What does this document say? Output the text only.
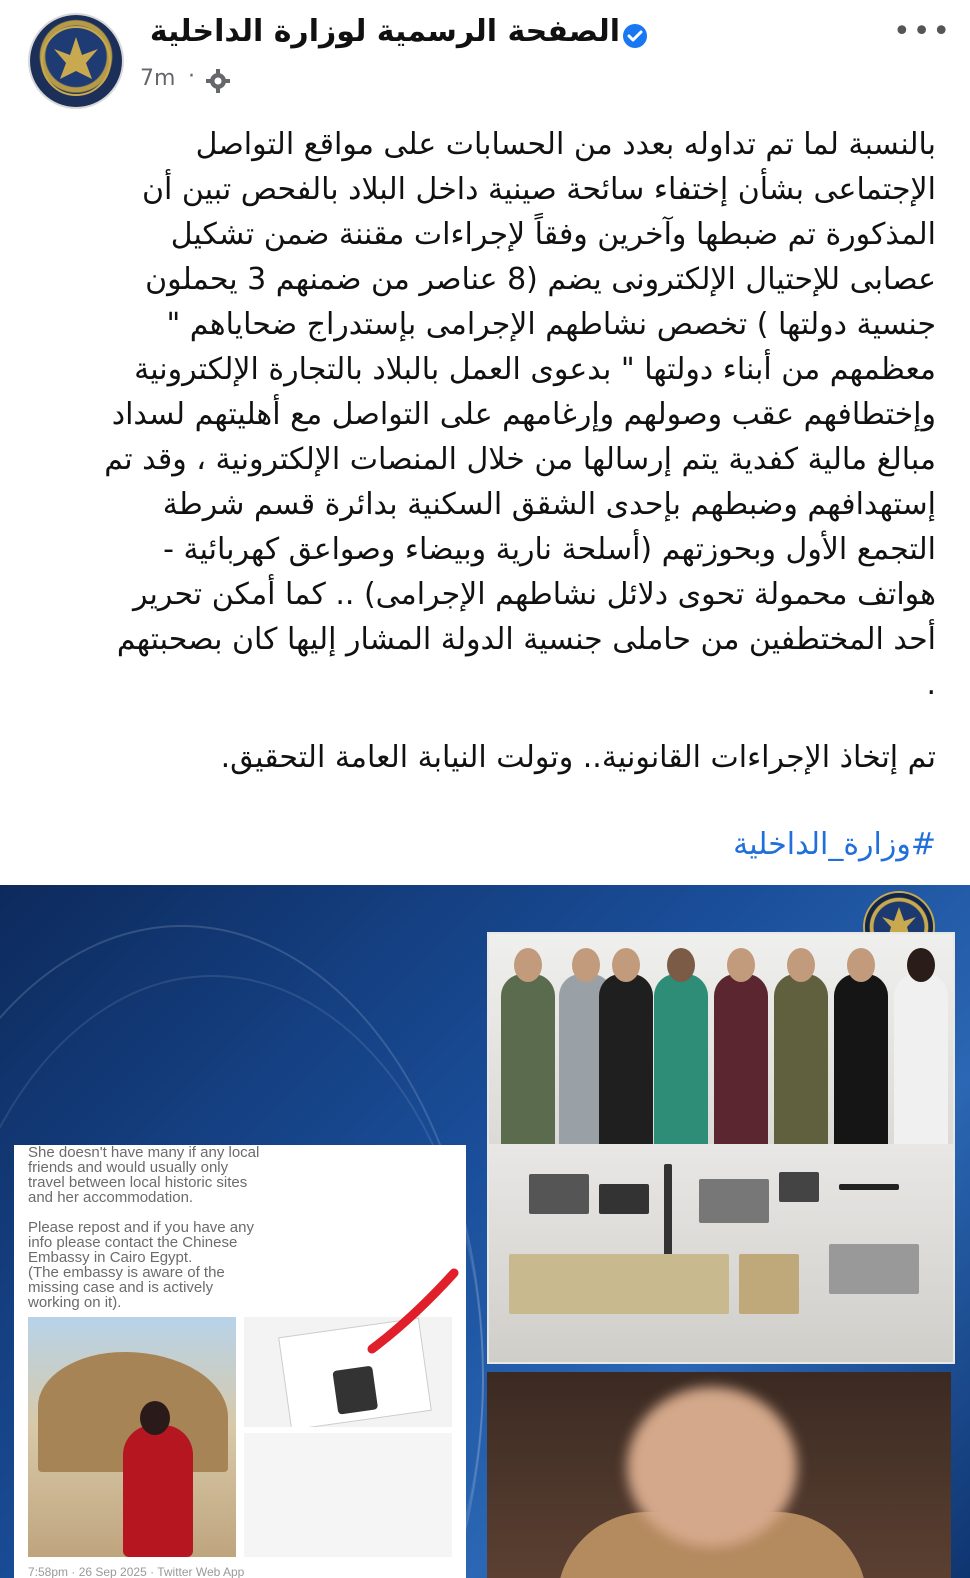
•••
الصفحة الرسمية لوزارة الداخلية
7m ·
بالنسبة لما تم تداوله بعدد من الحسابات على مواقع التواصل
الإجتماعى بشأن إختفاء سائحة صينية داخل البلاد بالفحص تبين أن
المذكورة تم ضبطها وآخرين وفقاً لإجراءات مقننة ضمن تشكيل
عصابى للإحتيال الإلكترونى يضم (8 عناصر من ضمنهم 3 يحملون
جنسية دولتها ) تخصص نشاطهم الإجرامى بإستدراج ضحاياهم "
معظمهم من أبناء دولتها " بدعوى العمل بالبلاد بالتجارة الإلكترونية
وإختطافهم عقب وصولهم وإرغامهم على التواصل مع أهليتهم لسداد
مبالغ مالية كفدية يتم إرسالها من خلال المنصات الإلكترونية ، وقد تم
إستهدافهم وضبطهم بإحدى الشقق السكنية بدائرة قسم شرطة
التجمع الأول وبحوزتهم (أسلحة نارية وبيضاء وصواعق كهربائية -
هواتف محمولة تحوى دلائل نشاطهم الإجرامى) .. كما أمكن تحرير
أحد المختطفين من حاملى جنسية الدولة المشار إليها كان بصحبتهم
.
تم إتخاذ الإجراءات القانونية.. وتولت النيابة العامة التحقيق.
#وزارة_الداخلية
She doesn't have many if any local
friends and would usually only
travel between local historic sites
and her accommodation.

Please repost and if you have any
info please contact the Chinese
Embassy in Cairo Egypt.
(The embassy is aware of the
missing case and is actively
working on it).
7:58pm · 26 Sep 2025 · Twitter Web App
